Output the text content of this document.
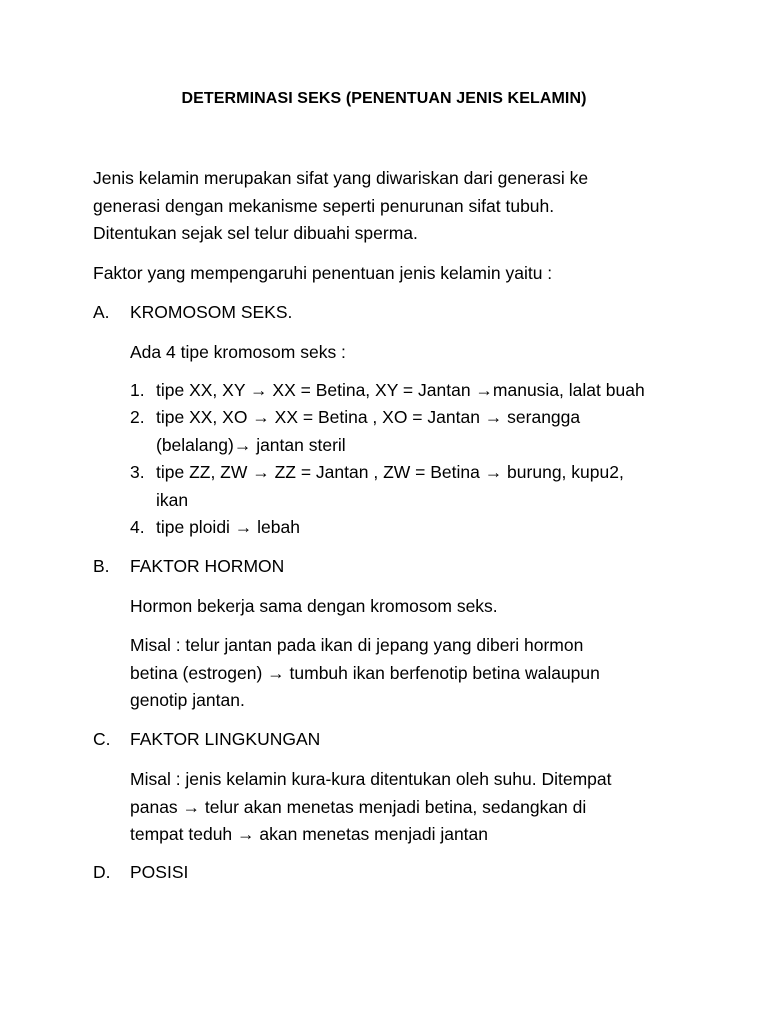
DETERMINASI SEKS (PENENTUAN JENIS KELAMIN)
Jenis kelamin merupakan sifat yang diwariskan dari generasi ke
generasi dengan mekanisme seperti penurunan sifat tubuh.
Ditentukan sejak sel telur dibuahi sperma.
Faktor yang mempengaruhi penentuan jenis kelamin yaitu :
A. KROMOSOM SEKS.
Ada 4 tipe kromosom seks :
1. tipe XX, XY → XX = Betina, XY = Jantan →manusia, lalat buah
2. tipe XX, XO → XX = Betina , XO = Jantan → serangga
(belalang)→ jantan steril
3. tipe ZZ, ZW → ZZ = Jantan , ZW = Betina → burung, kupu2,
ikan
4. tipe ploidi → lebah
B. FAKTOR HORMON
Hormon bekerja sama dengan kromosom seks.
Misal : telur jantan pada ikan di jepang yang diberi hormon
betina (estrogen) → tumbuh ikan berfenotip betina walaupun
genotip jantan.
C. FAKTOR LINGKUNGAN
Misal : jenis kelamin kura-kura ditentukan oleh suhu. Ditempat
panas → telur akan menetas menjadi betina, sedangkan di
tempat teduh → akan menetas menjadi jantan
D. POSISI
